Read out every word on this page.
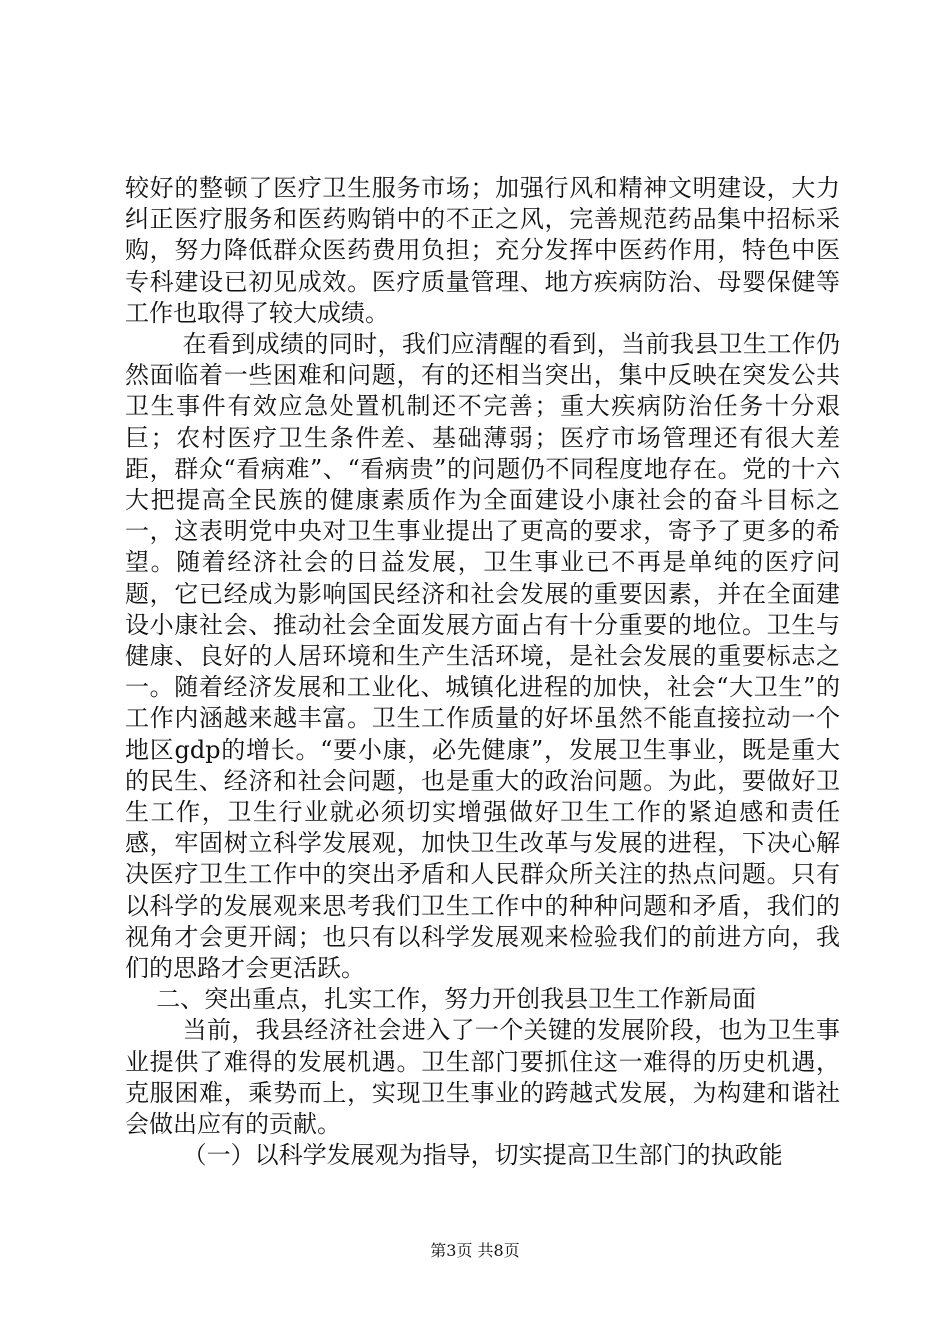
较好的整顿了医疗卫生服务市场；加强行风和精神文明建设，大力纠正医疗服务和医药购销中的不正之风，完善规范药品集中招标采购，努力降低群众医药费用负担；充分发挥中医药作用，特色中医专科建设已初见成效。医疗质量管理、地方疾病防治、母婴保健等工作也取得了较大成绩。

在看到成绩的同时，我们应清醒的看到，当前我县卫生工作仍然面临着一些困难和问题，有的还相当突出，集中反映在突发公共卫生事件有效应急处置机制还不完善；重大疾病防治任务十分艰巨；农村医疗卫生条件差、基础薄弱；医疗市场管理还有很大差距，群众“看病难”、“看病贵”的问题仍不同程度地存在。党的十六大把提高全民族的健康素质作为全面建设小康社会的奋斗目标之一，这表明党中央对卫生事业提出了更高的要求，寄予了更多的希望。随着经济社会的日益发展，卫生事业已不再是单纯的医疗问题，它已经成为影响国民经济和社会发展的重要因素，并在全面建设小康社会、推动社会全面发展方面占有十分重要的地位。卫生与健康、良好的人居环境和生产生活环境，是社会发展的重要标志之一。随着经济发展和工业化、城镇化进程的加快，社会“大卫生”的工作内涵越来越丰富。卫生工作质量的好坏虽然不能直接拉动一个地区gdp的增长。“要小康，必先健康”，发展卫生事业，既是重大的民生、经济和社会问题，也是重大的政治问题。为此，要做好卫生工作，卫生行业就必须切实增强做好卫生工作的紧迫感和责任感，牢固树立科学发展观，加快卫生改革与发展的进程，下决心解决医疗卫生工作中的突出矛盾和人民群众所关注的热点问题。只有以科学的发展观来思考我们卫生工作中的种种问题和矛盾，我们的视角才会更开阔；也只有以科学发展观来检验我们的前进方向，我们的思路才会更活跃。

二、突出重点，扎实工作，努力开创我县卫生工作新局面

当前，我县经济社会进入了一个关键的发展阶段，也为卫生事业提供了难得的发展机遇。卫生部门要抓住这一难得的历史机遇，克服困难，乘势而上，实现卫生事业的跨越式发展，为构建和谐社会做出应有的贡献。

（一）以科学发展观为指导，切实提高卫生部门的执政能

第3页 共8页
